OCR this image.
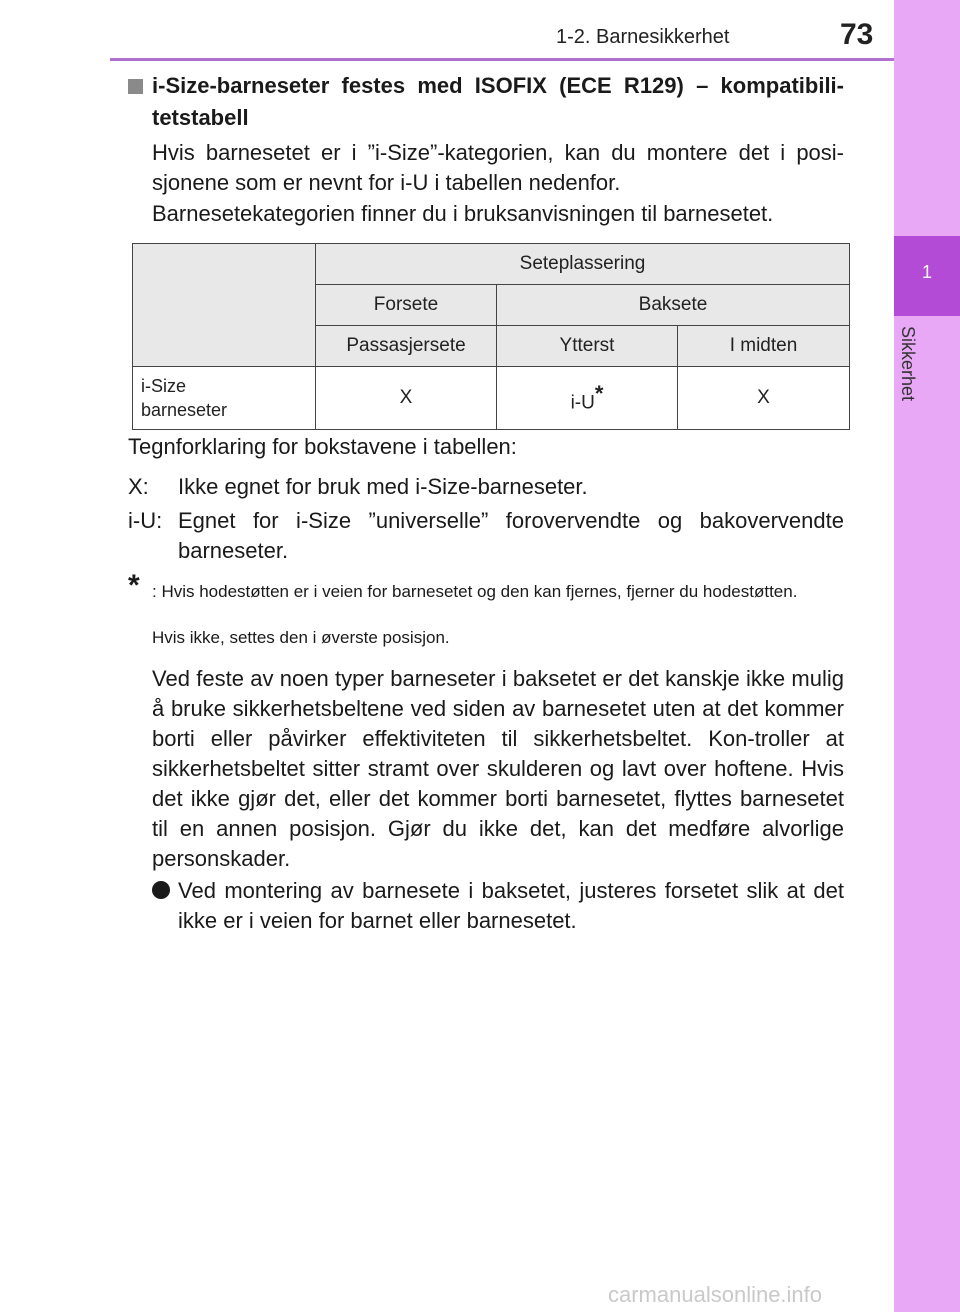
1-2. Barnesikkerhet	73
1
Sikkerhet
i-Size-barneseter festes med ISOFIX (ECE R129) – kompatibili-tetstabell
Hvis barnesetet er i ”i-Size”-kategorien, kan du montere det i posi-sjonene som er nevnt for i-U i tabellen nedenfor.
Barnesetekategorien finner du i bruksanvisningen til barnesetet.
	Seteplassering		
	Forsete	Baksete	
	Passasjersete	Ytterst	I midten
i-Size
barneseter	X	i-U*	X
Tegnforklaring for bokstavene i tabellen:
X: Ikke egnet for bruk med i-Size-barneseter.
i-U: Egnet for i-Size ”universelle” forovervendte og bakovervendte barneseter.
* : Hvis hodestøtten er i veien for barnesetet og den kan fjernes, fjerner du hodestøtten.
Hvis ikke, settes den i øverste posisjon.
Ved feste av noen typer barneseter i baksetet er det kanskje ikke mulig å bruke sikkerhetsbeltene ved siden av barnesetet uten at det kommer borti eller påvirker effektiviteten til sikkerhetsbeltet. Kon-troller at sikkerhetsbeltet sitter stramt over skulderen og lavt over hoftene. Hvis det ikke gjør det, eller det kommer borti barnesetet, flyttes barnesetet til en annen posisjon. Gjør du ikke det, kan det medføre alvorlige personskader.
Ved montering av barnesete i baksetet, justeres forsetet slik at det ikke er i veien for barnet eller barnesetet.
carmanualsonline.info
